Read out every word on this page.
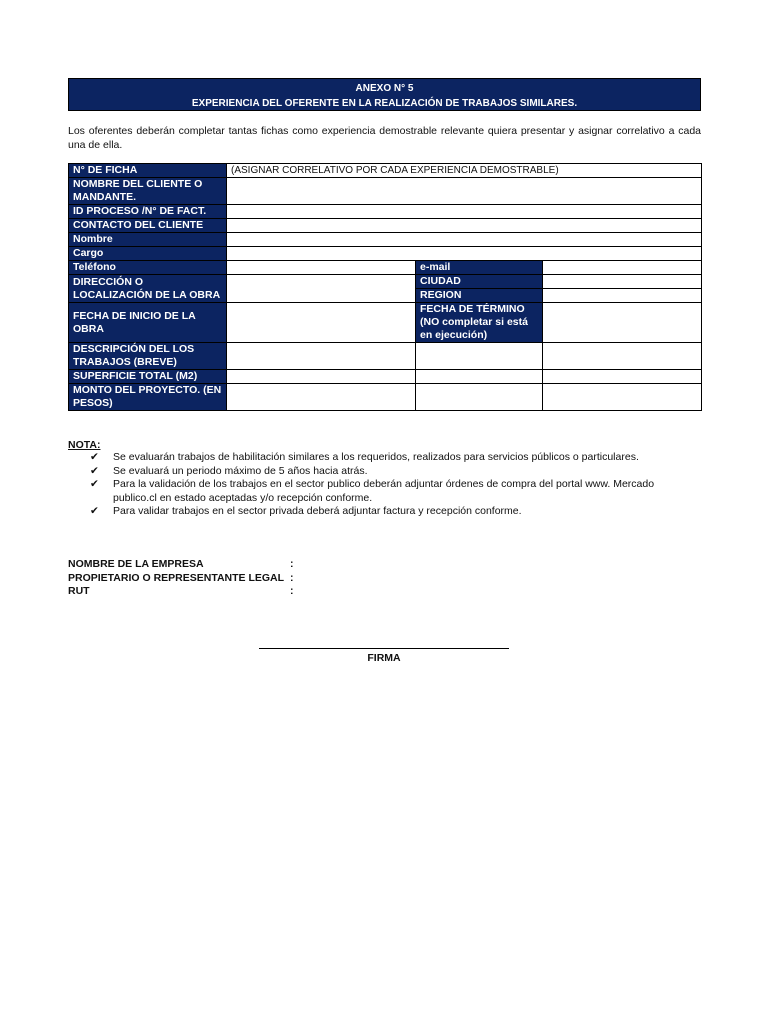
ANEXO N° 5
EXPERIENCIA DEL OFERENTE EN LA REALIZACIÓN DE TRABAJOS SIMILARES.
Los oferentes deberán completar tantas fichas como experiencia demostrable relevante quiera presentar y asignar correlativo a cada una de ella.
N° DE FICHA	(ASIGNAR CORRELATIVO POR CADA EXPERIENCIA DEMOSTRABLE)		
NOMBRE DEL CLIENTE O MANDANTE.			
ID PROCESO /N° DE FACT.			
CONTACTO DEL CLIENTE			
Nombre			
Cargo			
Teléfono		e-mail	
DIRECCIÓN O LOCALIZACIÓN DE LA OBRA		CIUDAD	
		REGION	
FECHA DE INICIO DE LA OBRA		FECHA DE TÉRMINO (NO completar si está en ejecución)	
DESCRIPCIÓN DEL LOS TRABAJOS (BREVE)			
SUPERFICIE TOTAL (M2)			
MONTO DEL PROYECTO. (EN PESOS)			
NOTA:
✔ Se evaluarán trabajos de habilitación similares a los requeridos, realizados para servicios públicos o particulares.
✔ Se evaluará un periodo máximo de 5 años hacia atrás.
✔ Para la validación de los trabajos en el sector publico deberán adjuntar órdenes de compra del portal www. Mercado publico.cl en estado aceptadas y/o recepción conforme.
✔ Para validar trabajos en el sector privada deberá adjuntar factura y recepción conforme.
NOMBRE DE LA EMPRESA	:
PROPIETARIO O REPRESENTANTE LEGAL :
RUT	:
FIRMA
